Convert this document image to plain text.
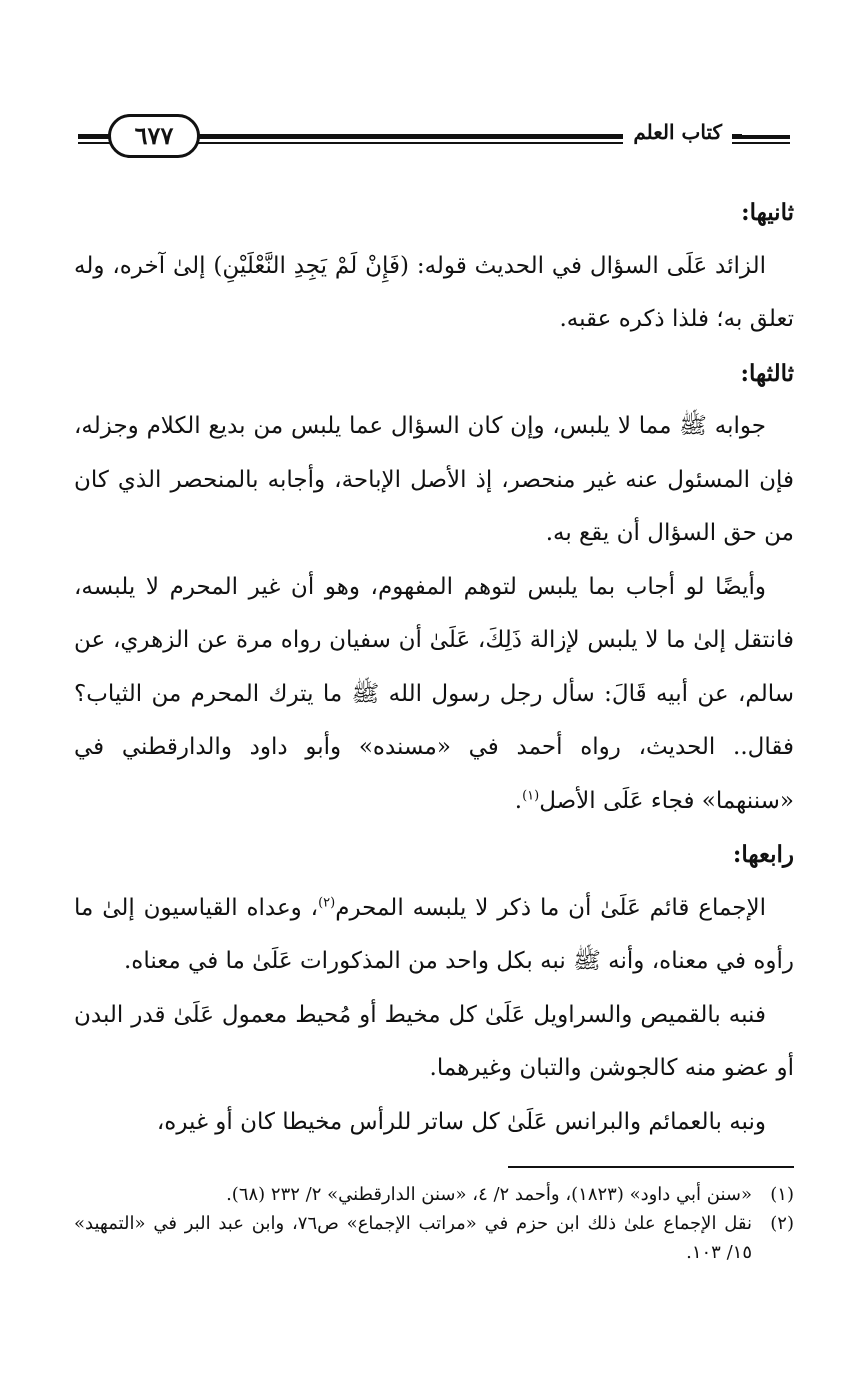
كتاب العلم
٦٧٧

ثانيها:

الزائد عَلَى السؤال في الحديث قوله: (فَإِنْ لَمْ يَجِدِ النَّعْلَيْنِ) إلىٰ آخره، وله تعلق به؛ فلذا ذكره عقبه.

ثالثها:

جوابه ﷺ مما لا يلبس، وإن كان السؤال عما يلبس من بديع الكلام وجزله، فإن المسئول عنه غير منحصر، إذ الأصل الإباحة، وأجابه بالمنحصر الذي كان من حق السؤال أن يقع به.

وأيضًا لو أجاب بما يلبس لتوهم المفهوم، وهو أن غير المحرم لا يلبسه، فانتقل إلىٰ ما لا يلبس لإزالة ذَلِكَ، عَلَىٰ أن سفيان رواه مرة عن الزهري، عن سالم، عن أبيه قَالَ: سأل رجل رسول الله ﷺ ما يترك المحرم من الثياب؟ فقال.. الحديث، رواه أحمد في «مسنده» وأبو داود والدارقطني في «سننهما» فجاء عَلَى الأصل$^{(١)}$.

رابعها:

الإجماع قائم عَلَىٰ أن ما ذكر لا يلبسه المحرم$^{(٢)}$، وعداه القياسيون إلىٰ ما رأوه في معناه، وأنه ﷺ نبه بكل واحد من المذكورات عَلَىٰ ما في معناه.

فنبه بالقميص والسراويل عَلَىٰ كل مخيط أو مُحيط معمول عَلَىٰ قدر البدن أو عضو منه كالجوشن والتبان وغيرهما.

ونبه بالعمائم والبرانس عَلَىٰ كل ساتر للرأس مخيطا كان أو غيره،

(١)
«سنن أبي داود» (١٨٢٣)، وأحمد ٢/ ٤، «سنن الدارقطني» ٢/ ٢٣٢ (٦٨).
(٢)
نقل الإجماع علىٰ ذلك ابن حزم في «مراتب الإجماع» ص٧٦، وابن عبد البر في «التمهيد» ١٥/ ١٠٣.
